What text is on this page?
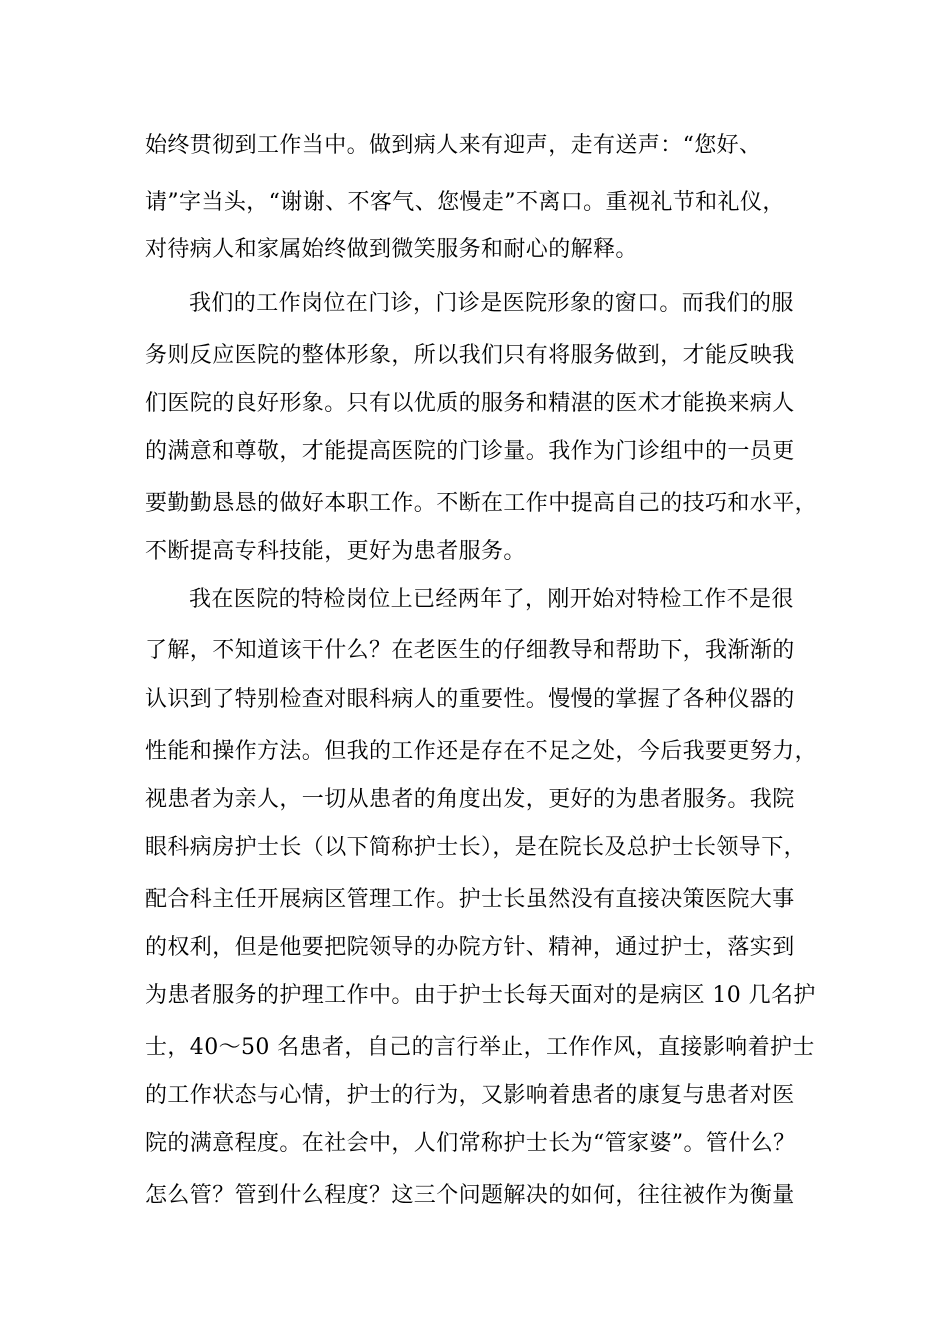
始终贯彻到工作当中。做到病人来有迎声，走有送声：“您好、
请”字当头，“谢谢、不客气、您慢走”不离口。重视礼节和礼仪，
对待病人和家属始终做到微笑服务和耐心的解释。
我们的工作岗位在门诊，门诊是医院形象的窗口。而我们的服
务则反应医院的整体形象，所以我们只有将服务做到，才能反映我
们医院的良好形象。只有以优质的服务和精湛的医术才能换来病人
的满意和尊敬，才能提高医院的门诊量。我作为门诊组中的一员更
要勤勤恳恳的做好本职工作。不断在工作中提高自己的技巧和水平，
不断提高专科技能，更好为患者服务。
我在医院的特检岗位上已经两年了，刚开始对特检工作不是很
了解，不知道该干什么？在老医生的仔细教导和帮助下，我渐渐的
认识到了特别检查对眼科病人的重要性。慢慢的掌握了各种仪器的
性能和操作方法。但我的工作还是存在不足之处，今后我要更努力，
视患者为亲人，一切从患者的角度出发，更好的为患者服务。我院
眼科病房护士长（以下简称护士长），是在院长及总护士长领导下，
配合科主任开展病区管理工作。护士长虽然没有直接决策医院大事
的权利，但是他要把院领导的办院方针、精神，通过护士，落实到
为患者服务的护理工作中。由于护士长每天面对的是病区 10 几名护
士，40～50 名患者，自己的言行举止，工作作风，直接影响着护士
的工作状态与心情，护士的行为，又影响着患者的康复与患者对医
院的满意程度。在社会中，人们常称护士长为“管家婆”。管什么？
怎么管？管到什么程度？这三个问题解决的如何，往往被作为衡量
